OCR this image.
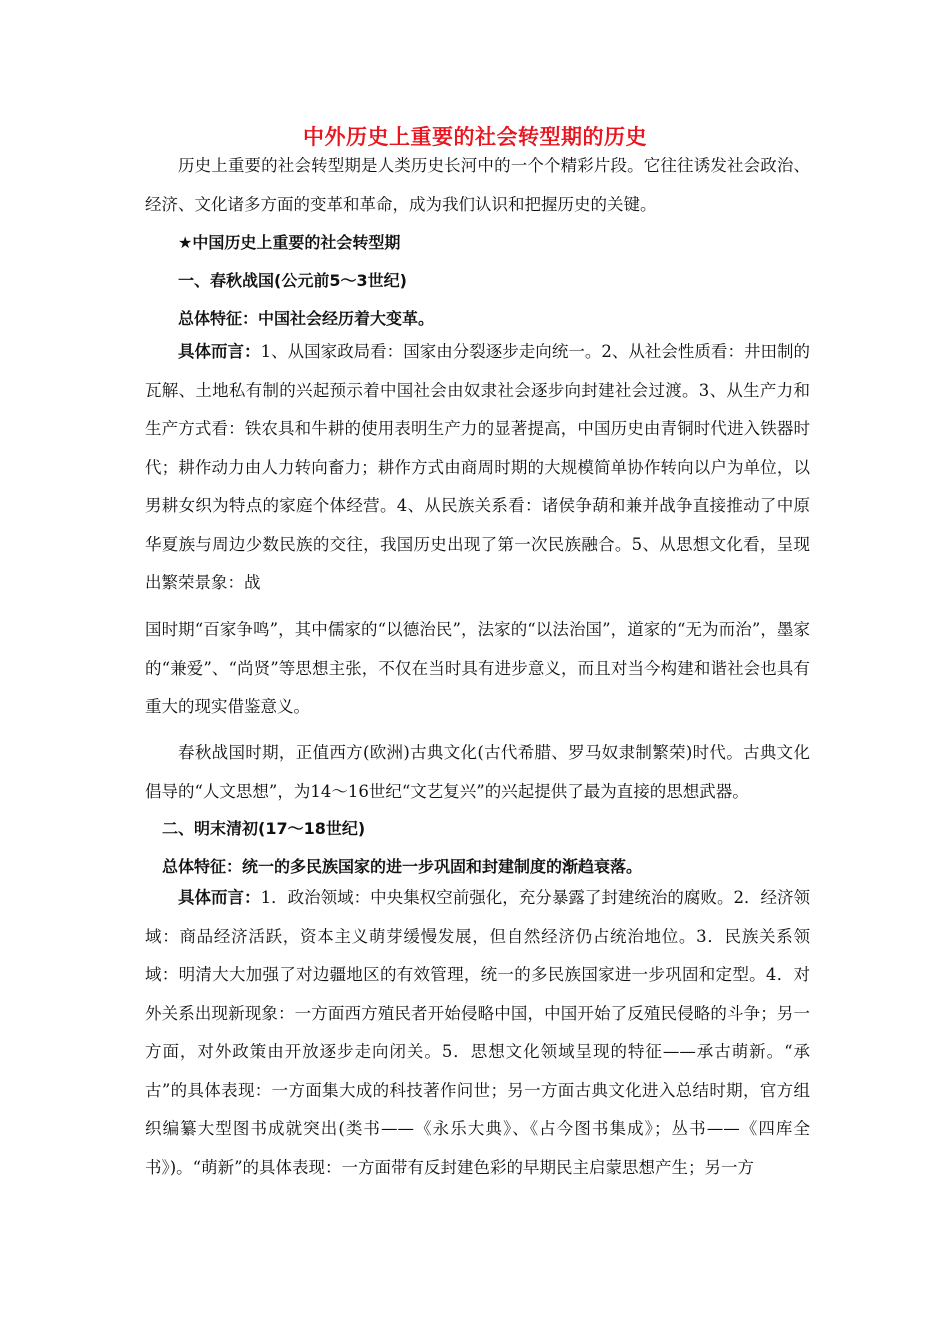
中外历史上重要的社会转型期的历史

历史上重要的社会转型期是人类历史长河中的一个个精彩片段。它往往诱发社会政治、经济、文化诸多方面的变革和革命，成为我们认识和把握历史的关键。

★中国历史上重要的社会转型期
一、春秋战国(公元前5～3世纪)
总体特征：中国社会经历着大变革。

具体而言：1、从国家政局看：国家由分裂逐步走向统一。2、从社会性质看：井田制的瓦解、土地私有制的兴起预示着中国社会由奴隶社会逐步向封建社会过渡。3、从生产力和生产方式看：铁农具和牛耕的使用表明生产力的显著提高，中国历史由青铜时代进入铁器时代；耕作动力由人力转向畜力；耕作方式由商周时期的大规模简单协作转向以户为单位，以男耕女织为特点的家庭个体经营。4、从民族关系看：诸侯争葫和兼并战争直接推动了中原华夏族与周边少数民族的交往，我国历史出现了第一次民族融合。5、从思想文化看，呈现出繁荣景象：战

国时期“百家争鸣”，其中儒家的“以德治民”，法家的“以法治国”，道家的“无为而治”，墨家的“兼爱”、“尚贤”等思想主张，不仅在当时具有进步意义，而且对当今构建和谐社会也具有重大的现实借鉴意义。

春秋战国时期，正值西方(欧洲)古典文化(古代希腊、罗马奴隶制繁荣)时代。古典文化倡导的“人文思想”，为14～16世纪“文艺复兴”的兴起提供了最为直接的思想武器。

二、明末清初(17～18世纪)
总体特征：统一的多民族国家的进一步巩固和封建制度的渐趋衰落。

具体而言：1．政治领域：中央集权空前强化，充分暴露了封建统治的腐败。2．经济领域：商品经济活跃，资本主义萌芽缓慢发展，但自然经济仍占统治地位。3．民族关系领域：明清大大加强了对边疆地区的有效管理，统一的多民族国家进一步巩固和定型。4．对外关系出现新现象：一方面西方殖民者开始侵略中国，中国开始了反殖民侵略的斗争；另一方面，对外政策由开放逐步走向闭关。5．思想文化领域呈现的特征——承古萌新。“承古”的具体表现：一方面集大成的科技著作问世；另一方面古典文化进入总结时期，官方组织编纂大型图书成就突出(类书——《永乐大典》、《占今图书集成》；丛书——《四库全书》)。“萌新”的具体表现：一方面带有反封建色彩的早期民主启蒙思想产生；另一方
